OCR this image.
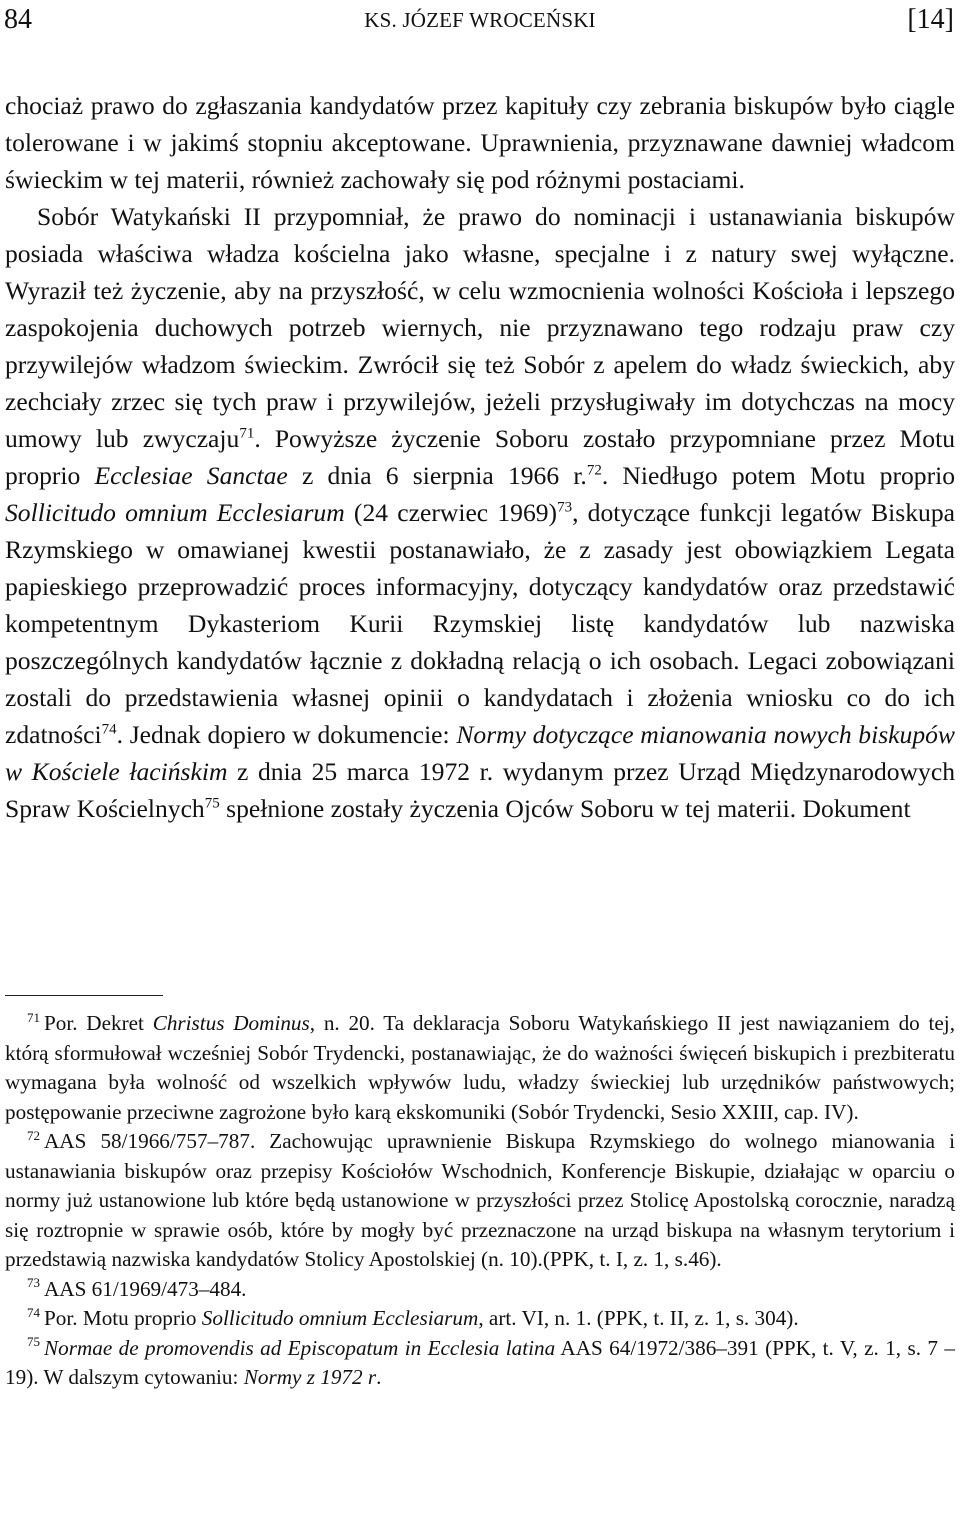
84	KS. JÓZEF WROCEŃSKI	[14]

chociaż prawo do zgłaszania kandydatów przez kapituły czy zebrania biskupów było ciągle tolerowane i w jakimś stopniu akceptowane. Uprawnienia, przyznawane dawniej władcom świeckim w tej materii, również zachowały się pod różnymi postaciami.

Sobór Watykański II przypomniał, że prawo do nominacji i ustanawiania biskupów posiada właściwa władza kościelna jako własne, specjalne i z natury swej wyłączne. Wyraził też życzenie, aby na przyszłość, w celu wzmocnienia wolności Kościoła i lepszego zaspokojenia duchowych potrzeb wiernych, nie przyznawano tego rodzaju praw czy przywilejów władzom świeckim. Zwrócił się też Sobór z apelem do władz świeckich, aby zechciały zrzec się tych praw i przywilejów, jeżeli przysługiwały im dotychczas na mocy umowy lub zwyczaju$^{71}$. Powyższe życzenie Soboru zostało przypomniane przez Motu proprio Ecclesiae Sanctae z dnia 6 sierpnia 1966 r.$^{72}$. Niedługo potem Motu proprio Sollicitudo omnium Ecclesiarum (24 czerwiec 1969)$^{73}$, dotyczące funkcji legatów Biskupa Rzymskiego w omawianej kwestii postanawiało, że z zasady jest obowiązkiem Legata papieskiego przeprowadzić proces informacyjny, dotyczący kandydatów oraz przedstawić kompetentnym Dykasteriom Kurii Rzymskiej listę kandydatów lub nazwiska poszczególnych kandydatów łącznie z dokładną relacją o ich osobach. Legaci zobowiązani zostali do przedstawienia własnej opinii o kandydatach i złożenia wniosku co do ich zdatności$^{74}$. Jednak dopiero w dokumencie: Normy dotyczące mianowania nowych biskupów w Kościele łacińskim z dnia 25 marca 1972 r. wydanym przez Urząd Międzynarodowych Spraw Kościelnych$^{75}$ spełnione zostały życzenia Ojców Soboru w tej materii. Dokument

$^{71}$ Por. Dekret Christus Dominus, n. 20. Ta deklaracja Soboru Watykańskiego II jest nawiązaniem do tej, którą sformułował wcześniej Sobór Trydencki, postanawiając, że do ważności święceń biskupich i prezbiteratu wymagana była wolność od wszelkich wpływów ludu, władzy świeckiej lub urzędników państwowych; postępowanie przeciwne zagrożone było karą ekskomuniki (Sobór Trydencki, Sesio XXIII, cap. IV).

$^{72}$ AAS 58/1966/757–787. Zachowując uprawnienie Biskupa Rzymskiego do wolnego mianowania i ustanawiania biskupów oraz przepisy Kościołów Wschodnich, Konferencje Biskupie, działając w oparciu o normy już ustanowione lub które będą ustanowione w przyszłości przez Stolicę Apostolską corocznie, naradzą się roztropnie w sprawie osób, które by mogły być przeznaczone na urząd biskupa na własnym terytorium i przedstawią nazwiska kandydatów Stolicy Apostolskiej (n. 10).(PPK, t. I, z. 1, s.46).

$^{73}$ AAS 61/1969/473–484.

$^{74}$ Por. Motu proprio Sollicitudo omnium Ecclesiarum, art. VI, n. 1. (PPK, t. II, z. 1, s. 304).

$^{75}$ Normae de promovendis ad Episcopatum in Ecclesia latina AAS 64/1972/386–391 (PPK, t. V, z. 1, s. 7 –19). W dalszym cytowaniu: Normy z 1972 r.
